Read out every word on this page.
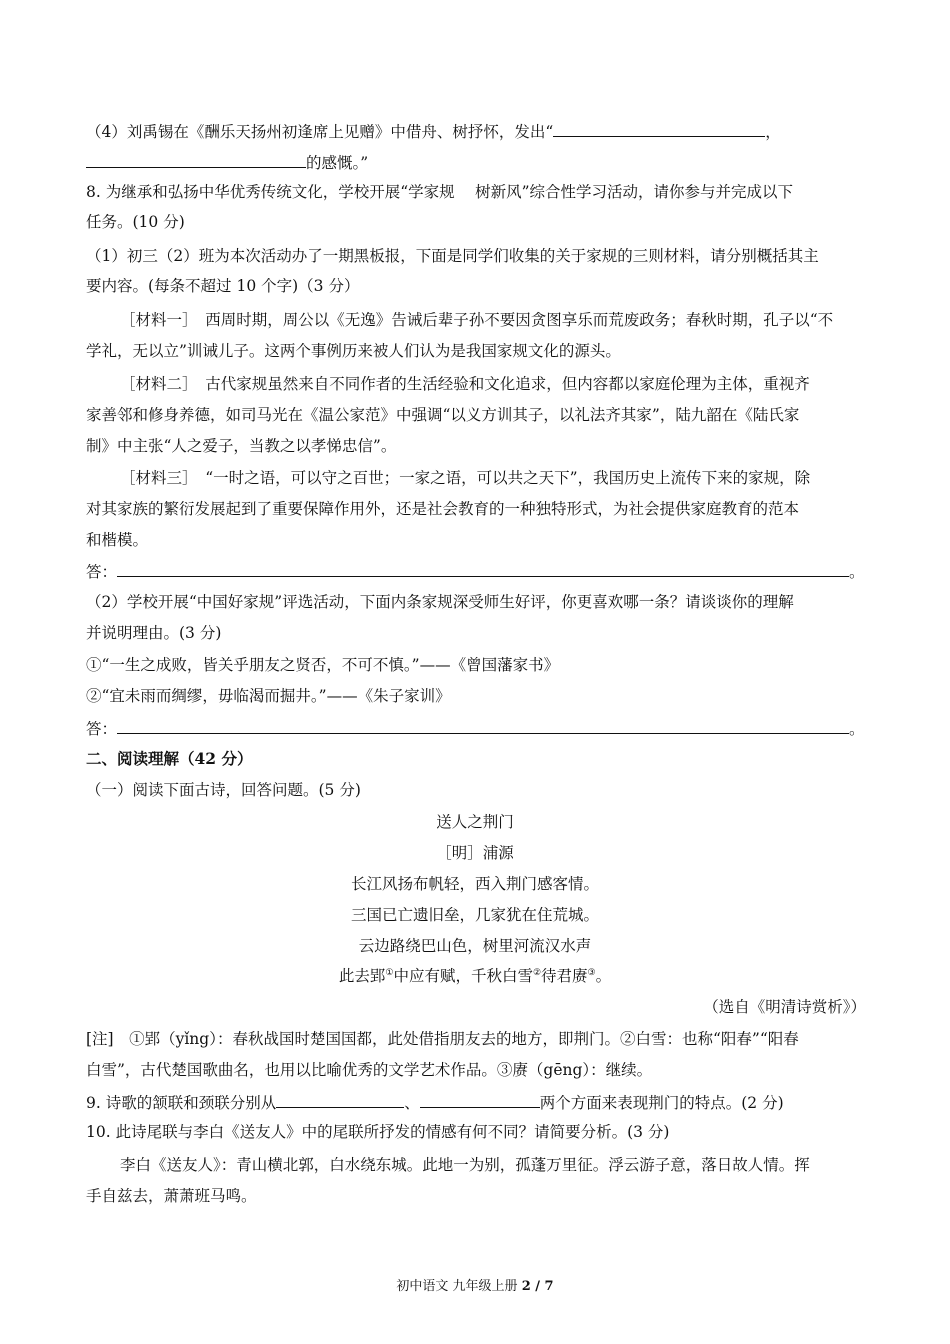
（4）刘禹锡在《酬乐天扬州初逢席上见赠》中借舟、树抒怀，发出“	，
的感慨。”
8. 为继承和弘扬中华优秀传统文化，学校开展“学家规　 树新风”综合性学习活动，请你参与并完成以下
任务。(10 分)
（1）初三（2）班为本次活动办了一期黑板报，下面是同学们收集的关于家规的三则材料，请分别概括其主
要内容。(每条不超过 10 个字)（3 分）
［材料一］　西周时期，周公以《无逸》告诫后辈子孙不要因贪图享乐而荒废政务；春秋时期，孔子以“不
学礼，无以立”训诫儿子。这两个事例历来被人们认为是我国家规文化的源头。
［材料二］　古代家规虽然来自不同作者的生活经验和文化追求，但内容都以家庭伦理为主体，重视齐
家善邻和修身养德，如司马光在《温公家范》中强调“以义方训其子，以礼法齐其家”，陆九韶在《陆氏家
制》中主张“人之爱子，当教之以孝悌忠信”。
［材料三］　“一时之语，可以守之百世；一家之语，可以共之天下”，我国历史上流传下来的家规，除
对其家族的繁衍发展起到了重要保障作用外，还是社会教育的一种独特形式，为社会提供家庭教育的范本
和楷模。
答：	。
（2）学校开展“中国好家规”评选活动，下面内条家规深受师生好评，你更喜欢哪一条？请谈谈你的理解
并说明理由。(3 分)
①“一生之成败，皆关乎朋友之贤否，不可不慎。”——《曾国藩家书》
②“宜未雨而绸缪，毋临渴而掘井。”——《朱子家训》
答：	。
二、阅读理解（42 分）
（一）阅读下面古诗，回答问题。(5 分)
送人之荆门
［明］浦源
长江风扬布帆轻，西入荆门感客情。
三国已亡遗旧垒，几家犹在住荒城。
云边路绕巴山色，树里河流汉水声
此去郢①中应有赋，千秋白雪②待君赓③。
（选自《明清诗赏析》）
[注]　①郢（yǐng）：春秋战国时楚国国都，此处借指朋友去的地方，即荆门。②白雪：也称“阳春”“阳春
白雪”，古代楚国歌曲名，也用以比喻优秀的文学艺术作品。③赓（gēng）：继续。
9. 诗歌的颔联和颈联分别从	、	两个方面来表现荆门的特点。(2 分)
10. 此诗尾联与李白《送友人》中的尾联所抒发的情感有何不同？请简要分析。(3 分)
李白《送友人》：青山横北郭，白水绕东城。此地一为别，孤蓬万里征。浮云游子意，落日故人情。挥
手自兹去，萧萧班马鸣。
初中语文 九年级上册 2 / 7
